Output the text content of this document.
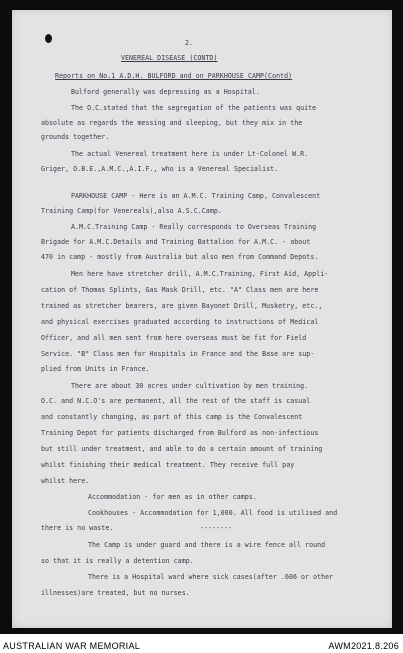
2.
VENEREAL DISEASE (CONTD)
Reports on No.1 A.D.H. BULFORD and on PARKHOUSE CAMP(Contd)
Bulford generally was depressing as a Hospital.
The O.C.stated that the segregation of the patients was quite
absolute as regards the messing and sleeping, but they mix in the
grounds together.
The actual Venereal treatment here is under Lt-Colonel W.R.
Griger, O.B.E.,A.M.C.,A.I.F., who is a Venereal Specialist.
PARKHOUSE CAMP - Here is an A.M.C. Training Camp, Convalescent
Training Camp(for Venereals),also A.S.C.Camp.
A.M.C.Training Camp - Really corresponds to Overseas Training
Brigade for A.M.C.Details and Training Battalion for A.M.C. - about
470 in camp - mostly from Australia but also men from Command Depots.
Men here have stretcher drill, A.M.C.Training, First Aid, Appli-
cation of Thomas Splints, Gas Mask Drill, etc. "A" Class men are here
trained as stretcher bearers, are given Bayonet Drill, Musketry, etc.,
and physical exercises graduated according to instructions of Medical
Officer, and all men sent from here overseas must be fit for Field
Service. "B" Class men for Hospitals in France and the Base are sup-
plied from Units in France.
There are about 30 acres under cultivation by men training.
O.C. and N.C.O's are permanent, all the rest of the staff is casual
and constantly changing, as part of this camp is the Convalescent
Training Depot for patients discharged from Bulford as non-infectious
but still under treatment, and able to do a certain amount of training
whilst finishing their medical treatment. They receive full pay
whilst here.
Accommodation - for men as in other camps.
Cookhouses - Accommodation for 1,000. All food is utilised and
there is no waste.	--------
The Camp is under guard and there is a wire fence all round
so that it is really a detention camp.
There is a Hospital ward where sick cases(after .606 or other
illnesses)are treated, but no nurses.
AUSTRALIAN WAR MEMORIAL	AWM2021.8.206
